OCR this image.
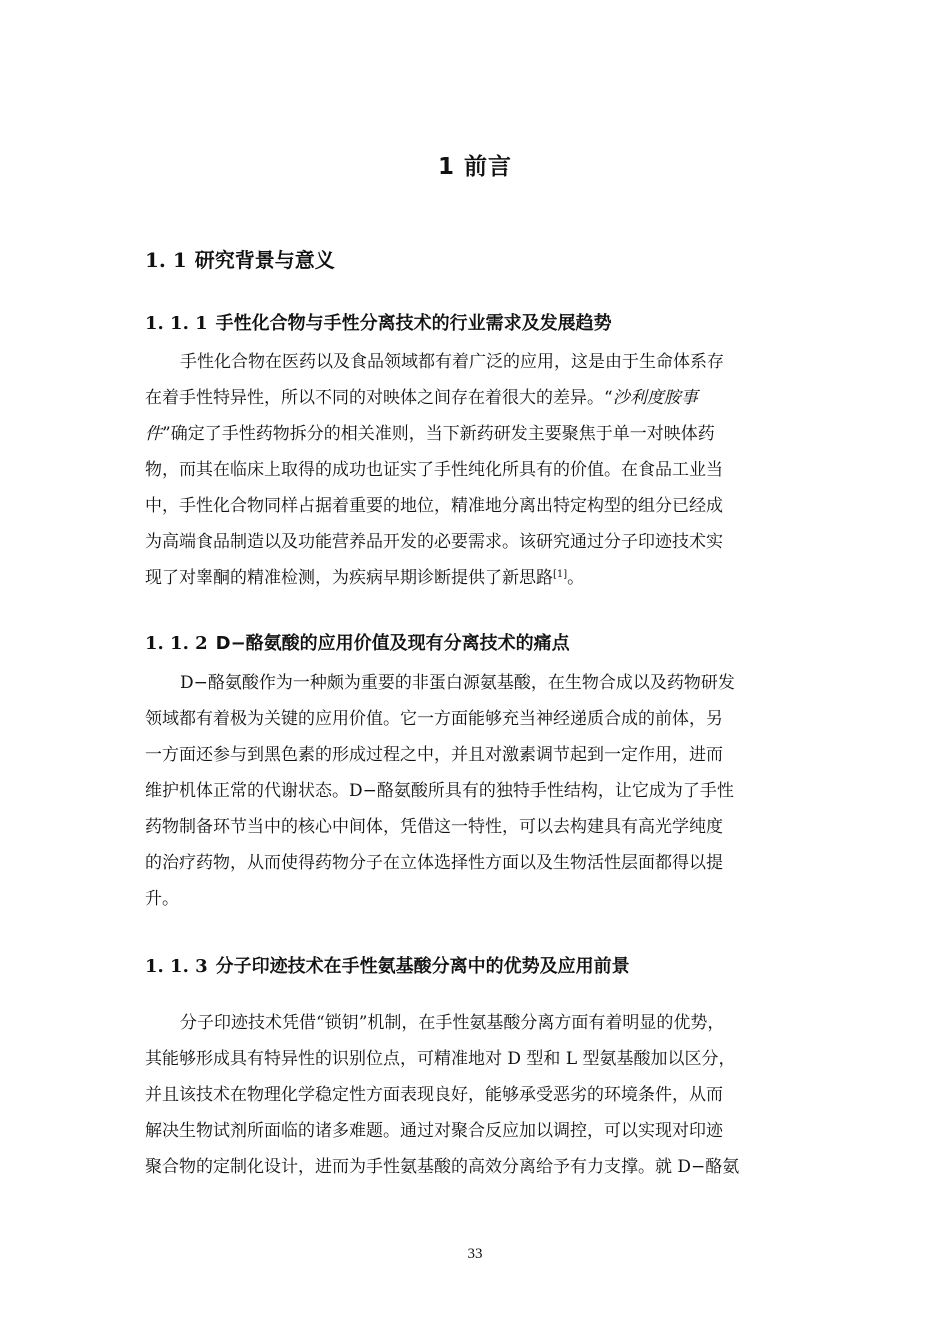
1 前言
1. 1 研究背景与意义
1. 1. 1 手性化合物与手性分离技术的行业需求及发展趋势
手性化合物在医药以及食品领域都有着广泛的应用，这是由于生命体系存
在着手性特异性，所以不同的对映体之间存在着很大的差异。“沙利度胺事
件”确定了手性药物拆分的相关准则，当下新药研发主要聚焦于单一对映体药
物，而其在临床上取得的成功也证实了手性纯化所具有的价值。在食品工业当
中，手性化合物同样占据着重要的地位，精准地分离出特定构型的组分已经成
为高端食品制造以及功能营养品开发的必要需求。该研究通过分子印迹技术实
现了对睾酮的精准检测，为疾病早期诊断提供了新思路[1]。
1. 1. 2 D−酪氨酸的应用价值及现有分离技术的痛点
D−酪氨酸作为一种颇为重要的非蛋白源氨基酸，在生物合成以及药物研发
领域都有着极为关键的应用价值。它一方面能够充当神经递质合成的前体，另
一方面还参与到黑色素的形成过程之中，并且对激素调节起到一定作用，进而
维护机体正常的代谢状态。D−酪氨酸所具有的独特手性结构，让它成为了手性
药物制备环节当中的核心中间体，凭借这一特性，可以去构建具有高光学纯度
的治疗药物，从而使得药物分子在立体选择性方面以及生物活性层面都得以提
升。
1. 1. 3 分子印迹技术在手性氨基酸分离中的优势及应用前景
分子印迹技术凭借“锁钥”机制，在手性氨基酸分离方面有着明显的优势，
其能够形成具有特异性的识别位点，可精准地对 D 型和 L 型氨基酸加以区分，
并且该技术在物理化学稳定性方面表现良好，能够承受恶劣的环境条件，从而
解决生物试剂所面临的诸多难题。通过对聚合反应加以调控，可以实现对印迹
聚合物的定制化设计，进而为手性氨基酸的高效分离给予有力支撑。就 D−酪氨
33
